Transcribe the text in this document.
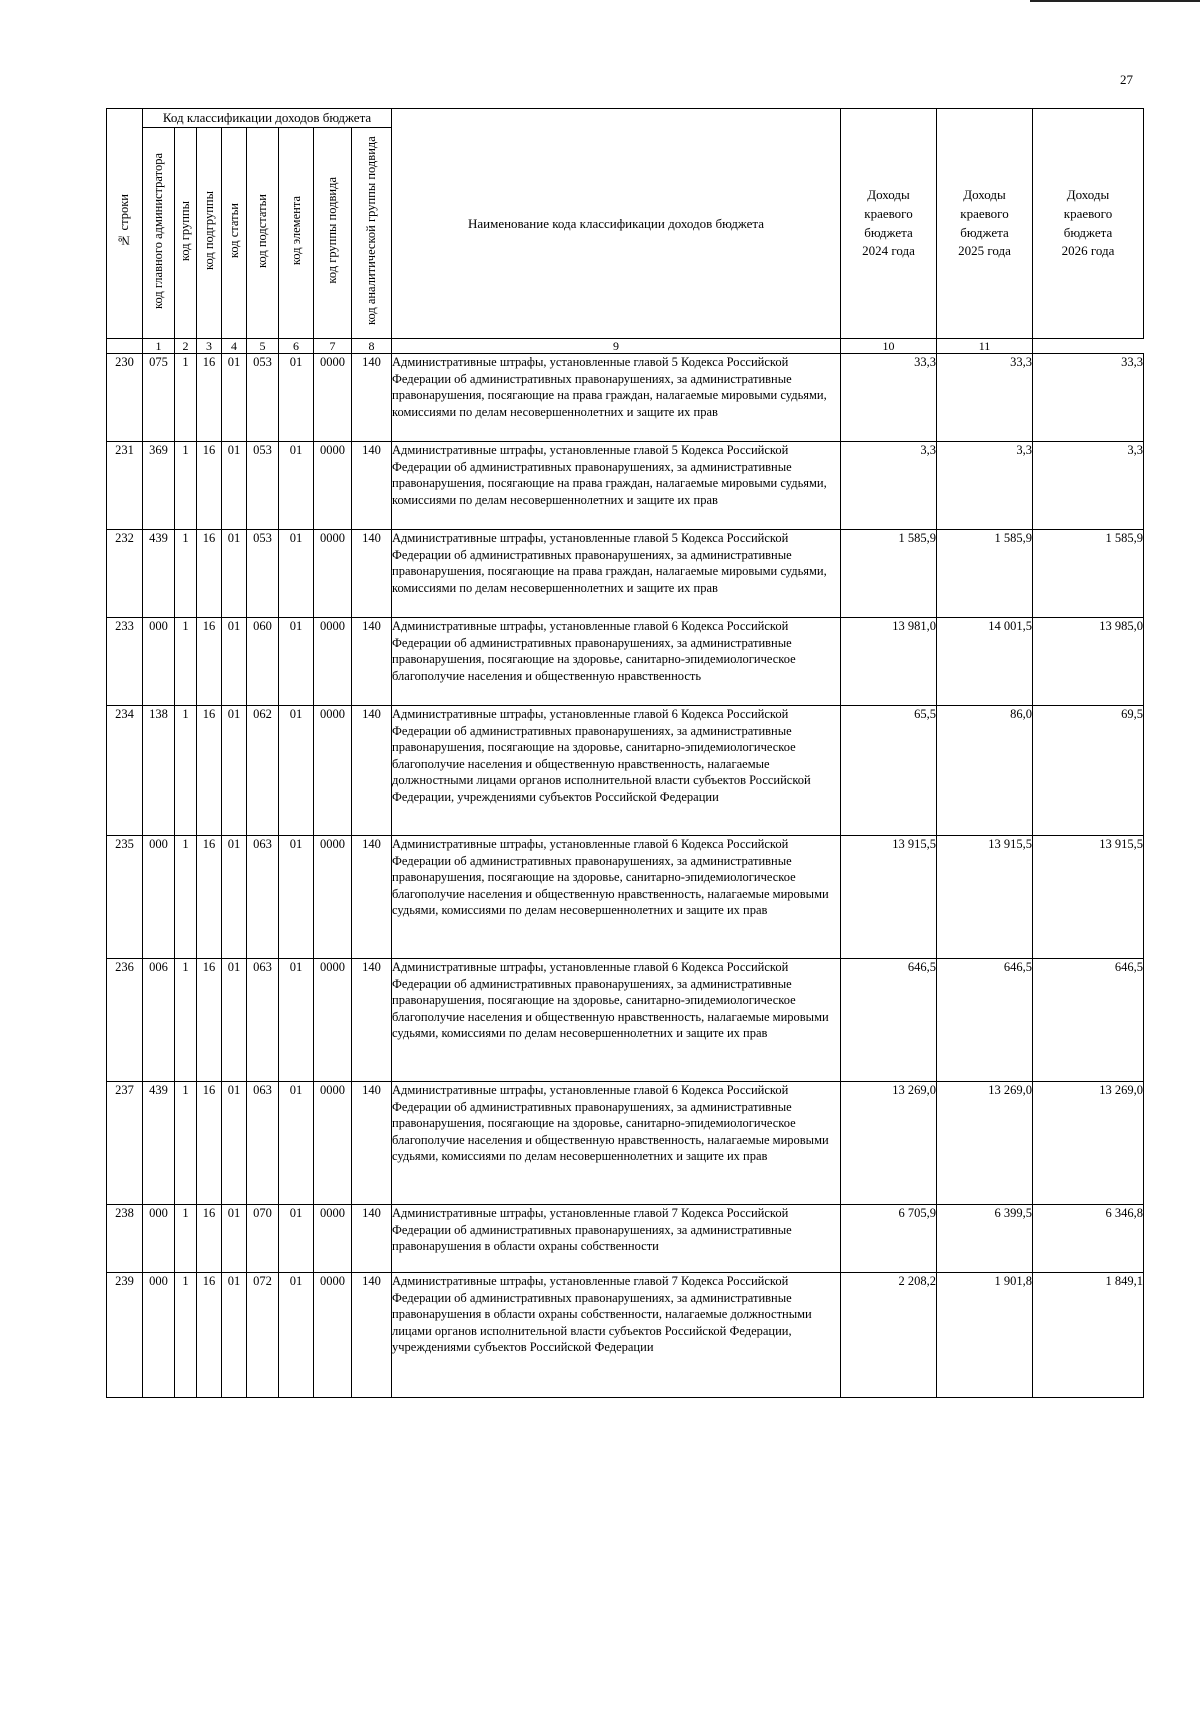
27
№ строки	Код классификации доходов бюджета								Наименование кода классификации доходов бюджета	Доходы
краевого
бюджета
2024 года	Доходы
краевого
бюджета
2025 года	Доходы
краевого
бюджета
2026 года

	код главного администратора	код группы	код подгруппы	код статьи	код подстатьи	код элемента	код группы подвида	код аналитической группы подвида				
	1	2	3	4	5	6	7	8	9	10	11	
230	075	1	16	01	053	01	0000	140	Административные штрафы, установленные главой 5 Кодекса Российской Федерации об административных правонарушениях, за административные правонарушения, посягающие на права граждан, налагаемые мировыми судьями, комиссиями по делам несовершеннолетних и защите их прав	33,3	33,3	33,3
231	369	1	16	01	053	01	0000	140	Административные штрафы, установленные главой 5 Кодекса Российской Федерации об административных правонарушениях, за административные правонарушения, посягающие на права граждан, налагаемые мировыми судьями, комиссиями по делам несовершеннолетних и защите их прав	3,3	3,3	3,3
232	439	1	16	01	053	01	0000	140	Административные штрафы, установленные главой 5 Кодекса Российской Федерации об административных правонарушениях, за административные правонарушения, посягающие на права граждан, налагаемые мировыми судьями, комиссиями по делам несовершеннолетних и защите их прав	1 585,9	1 585,9	1 585,9
233	000	1	16	01	060	01	0000	140	Административные штрафы, установленные главой 6 Кодекса Российской Федерации об административных правонарушениях, за административные правонарушения, посягающие на здоровье, санитарно-эпидемиологическое благополучие населения и общественную нравственность	13 981,0	14 001,5	13 985,0
234	138	1	16	01	062	01	0000	140	Административные штрафы, установленные главой 6 Кодекса Российской Федерации об административных правонарушениях, за административные правонарушения, посягающие на здоровье, санитарно-эпидемиологическое благополучие населения и общественную нравственность, налагаемые должностными лицами органов исполнительной власти субъектов Российской Федерации, учреждениями субъектов Российской Федерации	65,5	86,0	69,5
235	000	1	16	01	063	01	0000	140	Административные штрафы, установленные главой 6 Кодекса Российской Федерации об административных правонарушениях, за административные правонарушения, посягающие на здоровье, санитарно-эпидемиологическое благополучие населения и общественную нравственность, налагаемые мировыми судьями, комиссиями по делам несовершеннолетних и защите их прав	13 915,5	13 915,5	13 915,5
236	006	1	16	01	063	01	0000	140	Административные штрафы, установленные главой 6 Кодекса Российской Федерации об административных правонарушениях, за административные правонарушения, посягающие на здоровье, санитарно-эпидемиологическое благополучие населения и общественную нравственность, налагаемые мировыми судьями, комиссиями по делам несовершеннолетних и защите их прав	646,5	646,5	646,5
237	439	1	16	01	063	01	0000	140	Административные штрафы, установленные главой 6 Кодекса Российской Федерации об административных правонарушениях, за административные правонарушения, посягающие на здоровье, санитарно-эпидемиологическое благополучие населения и общественную нравственность, налагаемые мировыми судьями, комиссиями по делам несовершеннолетних и защите их прав	13 269,0	13 269,0	13 269,0
238	000	1	16	01	070	01	0000	140	Административные штрафы, установленные главой 7 Кодекса Российской Федерации об административных правонарушениях, за административные правонарушения в области охраны собственности	6 705,9	6 399,5	6 346,8
239	000	1	16	01	072	01	0000	140	Административные штрафы, установленные главой 7 Кодекса Российской Федерации об административных правонарушениях, за административные правонарушения в области охраны собственности, налагаемые должностными лицами органов исполнительной власти субъектов Российской Федерации, учреждениями субъектов Российской Федерации	2 208,2	1 901,8	1 849,1
